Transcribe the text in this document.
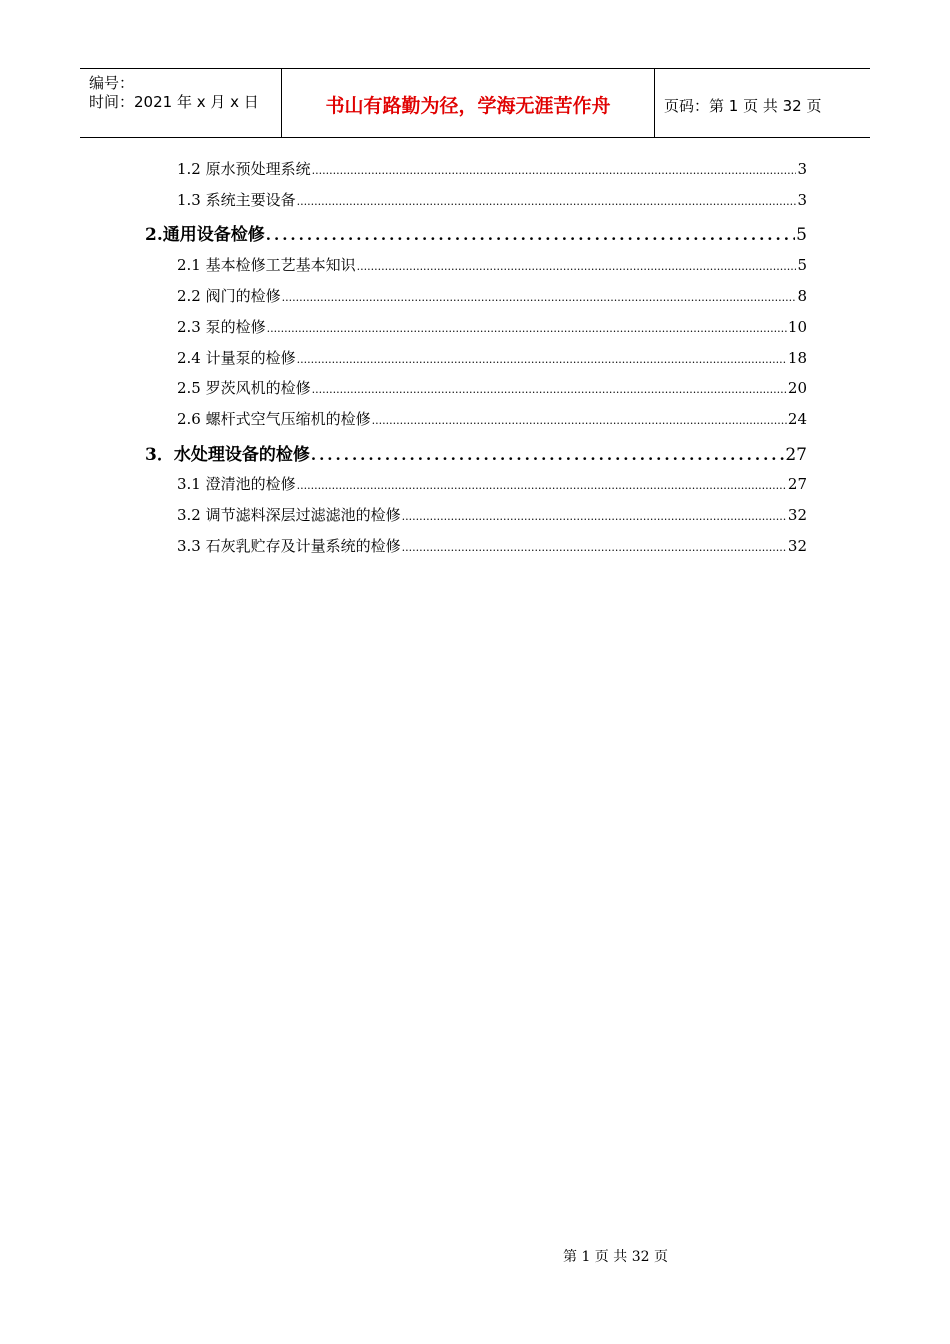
编号：
时间：2021 年 x 月 x 日	书山有路勤为径，学海无涯苦作舟	页码：第 1 页 共 32 页
1.2 原水预处理系统 .....	3
1.3 系统主要设备 .....	3
2.通用设备检修 .....	5
2.1 基本检修工艺基本知识 .....	5
2.2 阀门的检修 .....	8
2.3 泵的检修 .....	10
2.4 计量泵的检修 .....	18
2.5 罗茨风机的检修 .....	20
2.6 螺杆式空气压缩机的检修 .....	24
3．水处理设备的检修 .....	27
3.1 澄清池的检修 .....	27
3.2 调节滤料深层过滤滤池的检修 .....	32
3.3 石灰乳贮存及计量系统的检修 .....	32
第 1 页 共 32 页
